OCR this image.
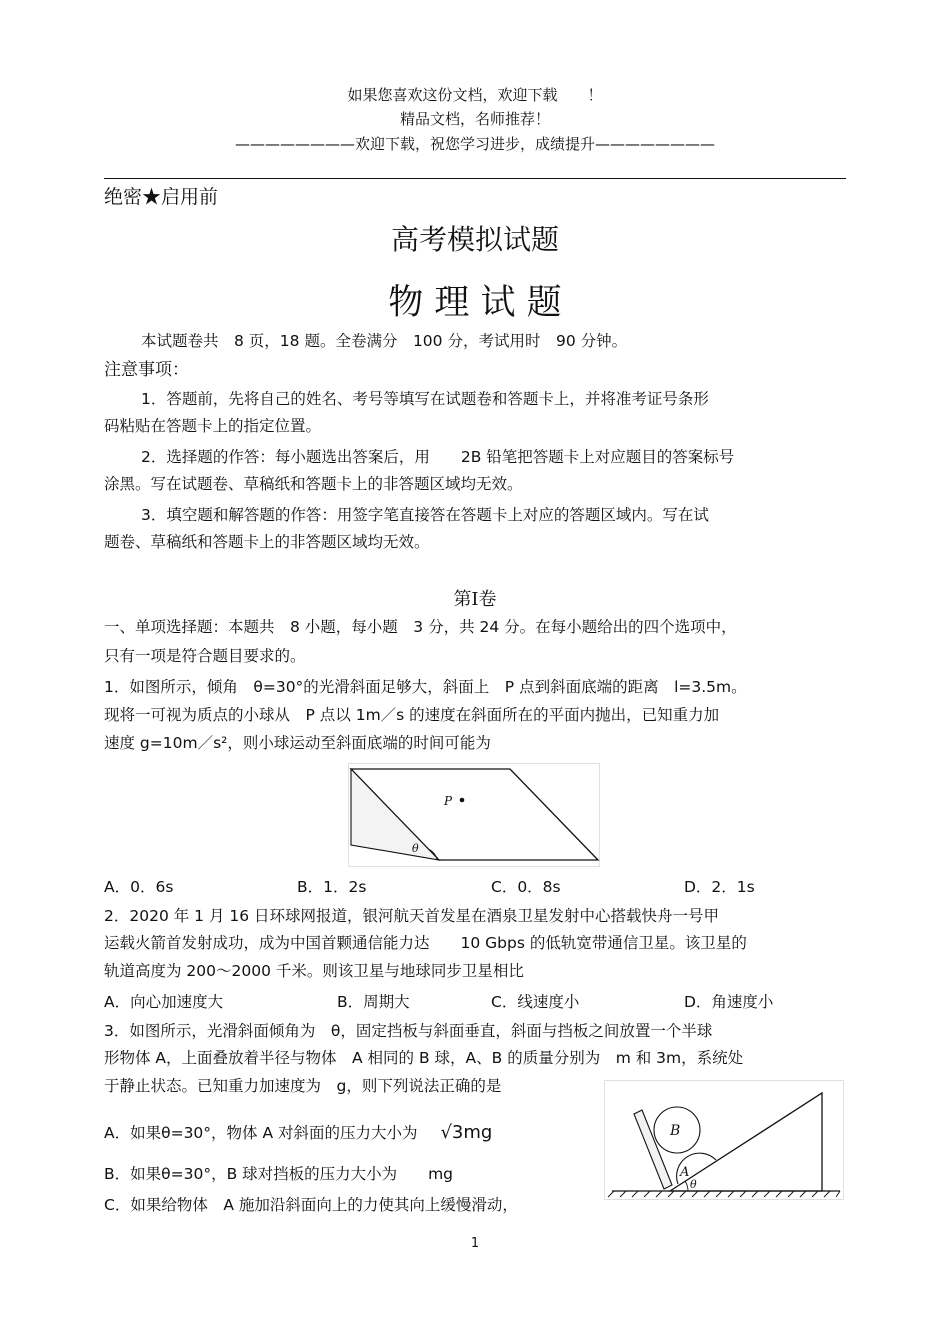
如果您喜欢这份文档，欢迎下载　　！
精品文档，名师推荐！
————————欢迎下载，祝您学习进步，成绩提升————————
绝密★启用前
高考模拟试题
物 理 试 题
本试题卷共　8 页，18 题。全卷满分　100 分，考试用时　90 分钟。
注意事项：
1．答题前，先将自己的姓名、考号等填写在试题卷和答题卡上，并将准考证号条形
码粘贴在答题卡上的指定位置。
2．选择题的作答：每小题选出答案后，用　　2B 铅笔把答题卡上对应题目的答案标号
涂黑。写在试题卷、草稿纸和答题卡上的非答题区域均无效。
3．填空题和解答题的作答：用签字笔直接答在答题卡上对应的答题区域内。写在试
题卷、草稿纸和答题卡上的非答题区域均无效。
第Ⅰ卷
一、单项选择题：本题共　8 小题，每小题　3 分，共 24 分。在每小题给出的四个选项中，
只有一项是符合题目要求的。
1．如图所示，倾角　θ=30°的光滑斜面足够大，斜面上　P 点到斜面底端的距离　l=3.5m。
现将一可视为质点的小球从　P 点以 1m／s 的速度在斜面所在的平面内抛出，已知重力加
速度 g=10m／s²，则小球运动至斜面底端的时间可能为
P
θ
A．0．6s	B．1．2s	C．0．8s	D．2．1s
2．2020 年 1 月 16 日环球网报道，银河航天首发星在酒泉卫星发射中心搭载快舟一号甲
运载火箭首发射成功，成为中国首颗通信能力达　　10 Gbps 的低轨宽带通信卫星。该卫星的
轨道高度为 200～2000 千米。则该卫星与地球同步卫星相比
A．向心加速度大	B．周期大	C．线速度小	D．角速度小
3．如图所示，光滑斜面倾角为　θ，固定挡板与斜面垂直，斜面与挡板之间放置一个半球
形物体 A，上面叠放着半径与物体　A 相同的 B 球，A、B 的质量分别为　m 和 3m，系统处
于静止状态。已知重力加速度为　g，则下列说法正确的是
A．如果θ=30°，物体 A 对斜面的压力大小为 √3mg
B．如果θ=30°，B 球对挡板的压力大小为 mg
C．如果给物体　A 施加沿斜面向上的力使其向上缓慢滑动，
B
A
θ
1
